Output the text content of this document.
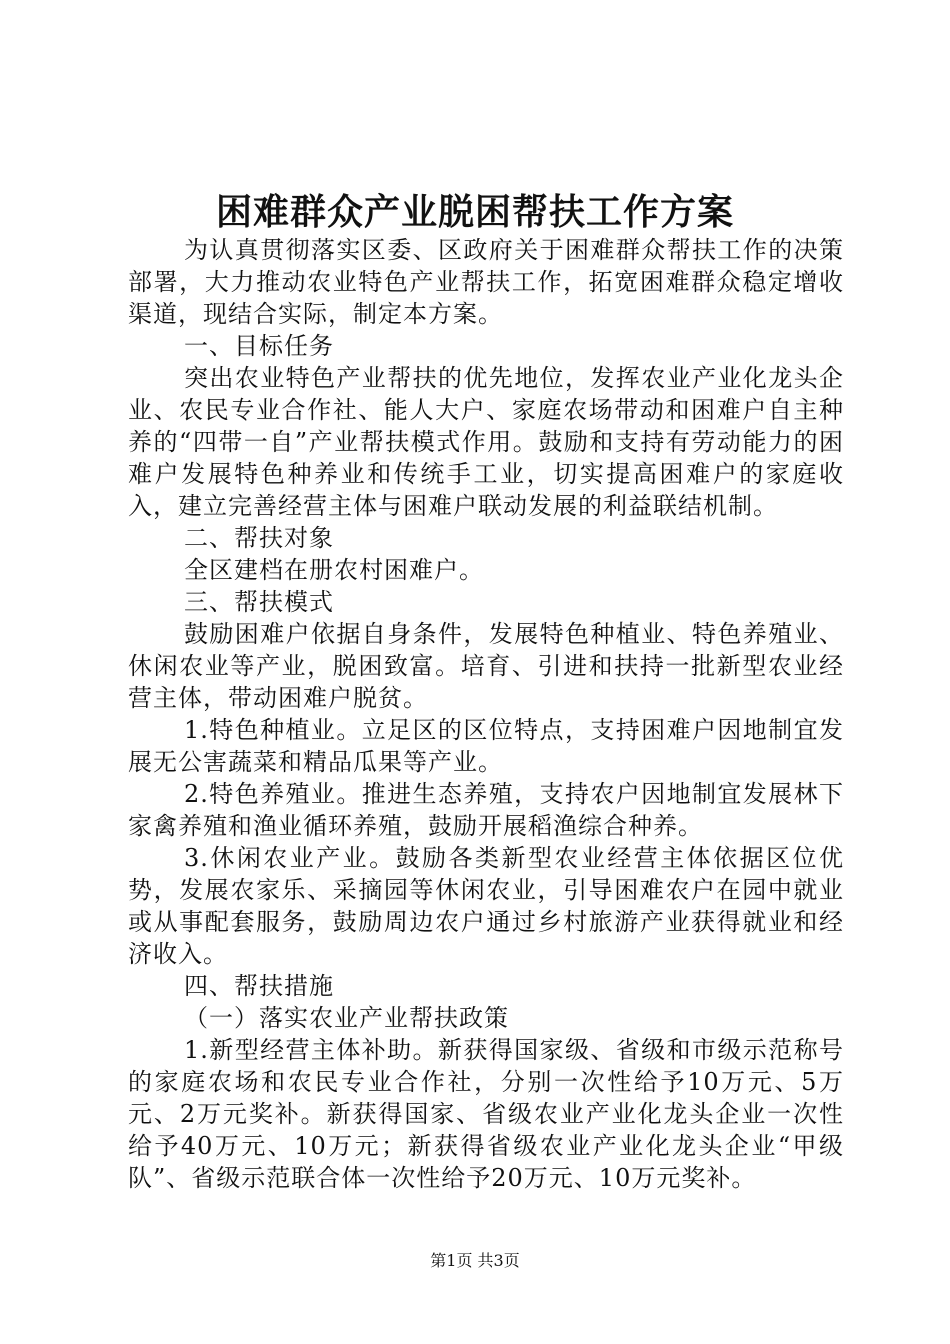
困难群众产业脱困帮扶工作方案

为认真贯彻落实区委、区政府关于困难群众帮扶工作的决策部署，大力推动农业特色产业帮扶工作，拓宽困难群众稳定增收渠道，现结合实际，制定本方案。

一、目标任务

突出农业特色产业帮扶的优先地位，发挥农业产业化龙头企业、农民专业合作社、能人大户、家庭农场带动和困难户自主种养的“四带一自”产业帮扶模式作用。鼓励和支持有劳动能力的困难户发展特色种养业和传统手工业，切实提高困难户的家庭收入，建立完善经营主体与困难户联动发展的利益联结机制。

二、帮扶对象

全区建档在册农村困难户。

三、帮扶模式

鼓励困难户依据自身条件，发展特色种植业、特色养殖业、休闲农业等产业，脱困致富。培育、引进和扶持一批新型农业经营主体，带动困难户脱贫。

1.特色种植业。立足区的区位特点，支持困难户因地制宜发展无公害蔬菜和精品瓜果等产业。

2.特色养殖业。推进生态养殖，支持农户因地制宜发展林下家禽养殖和渔业循环养殖，鼓励开展稻渔综合种养。

3.休闲农业产业。鼓励各类新型农业经营主体依据区位优势，发展农家乐、采摘园等休闲农业，引导困难农户在园中就业或从事配套服务，鼓励周边农户通过乡村旅游产业获得就业和经济收入。

四、帮扶措施

（一）落实农业产业帮扶政策

1.新型经营主体补助。新获得国家级、省级和市级示范称号的家庭农场和农民专业合作社，分别一次性给予10万元、5万元、2万元奖补。新获得国家、省级农业产业化龙头企业一次性给予40万元、10万元；新获得省级农业产业化龙头企业“甲级队”、省级示范联合体一次性给予20万元、10万元奖补。

第1页 共3页
